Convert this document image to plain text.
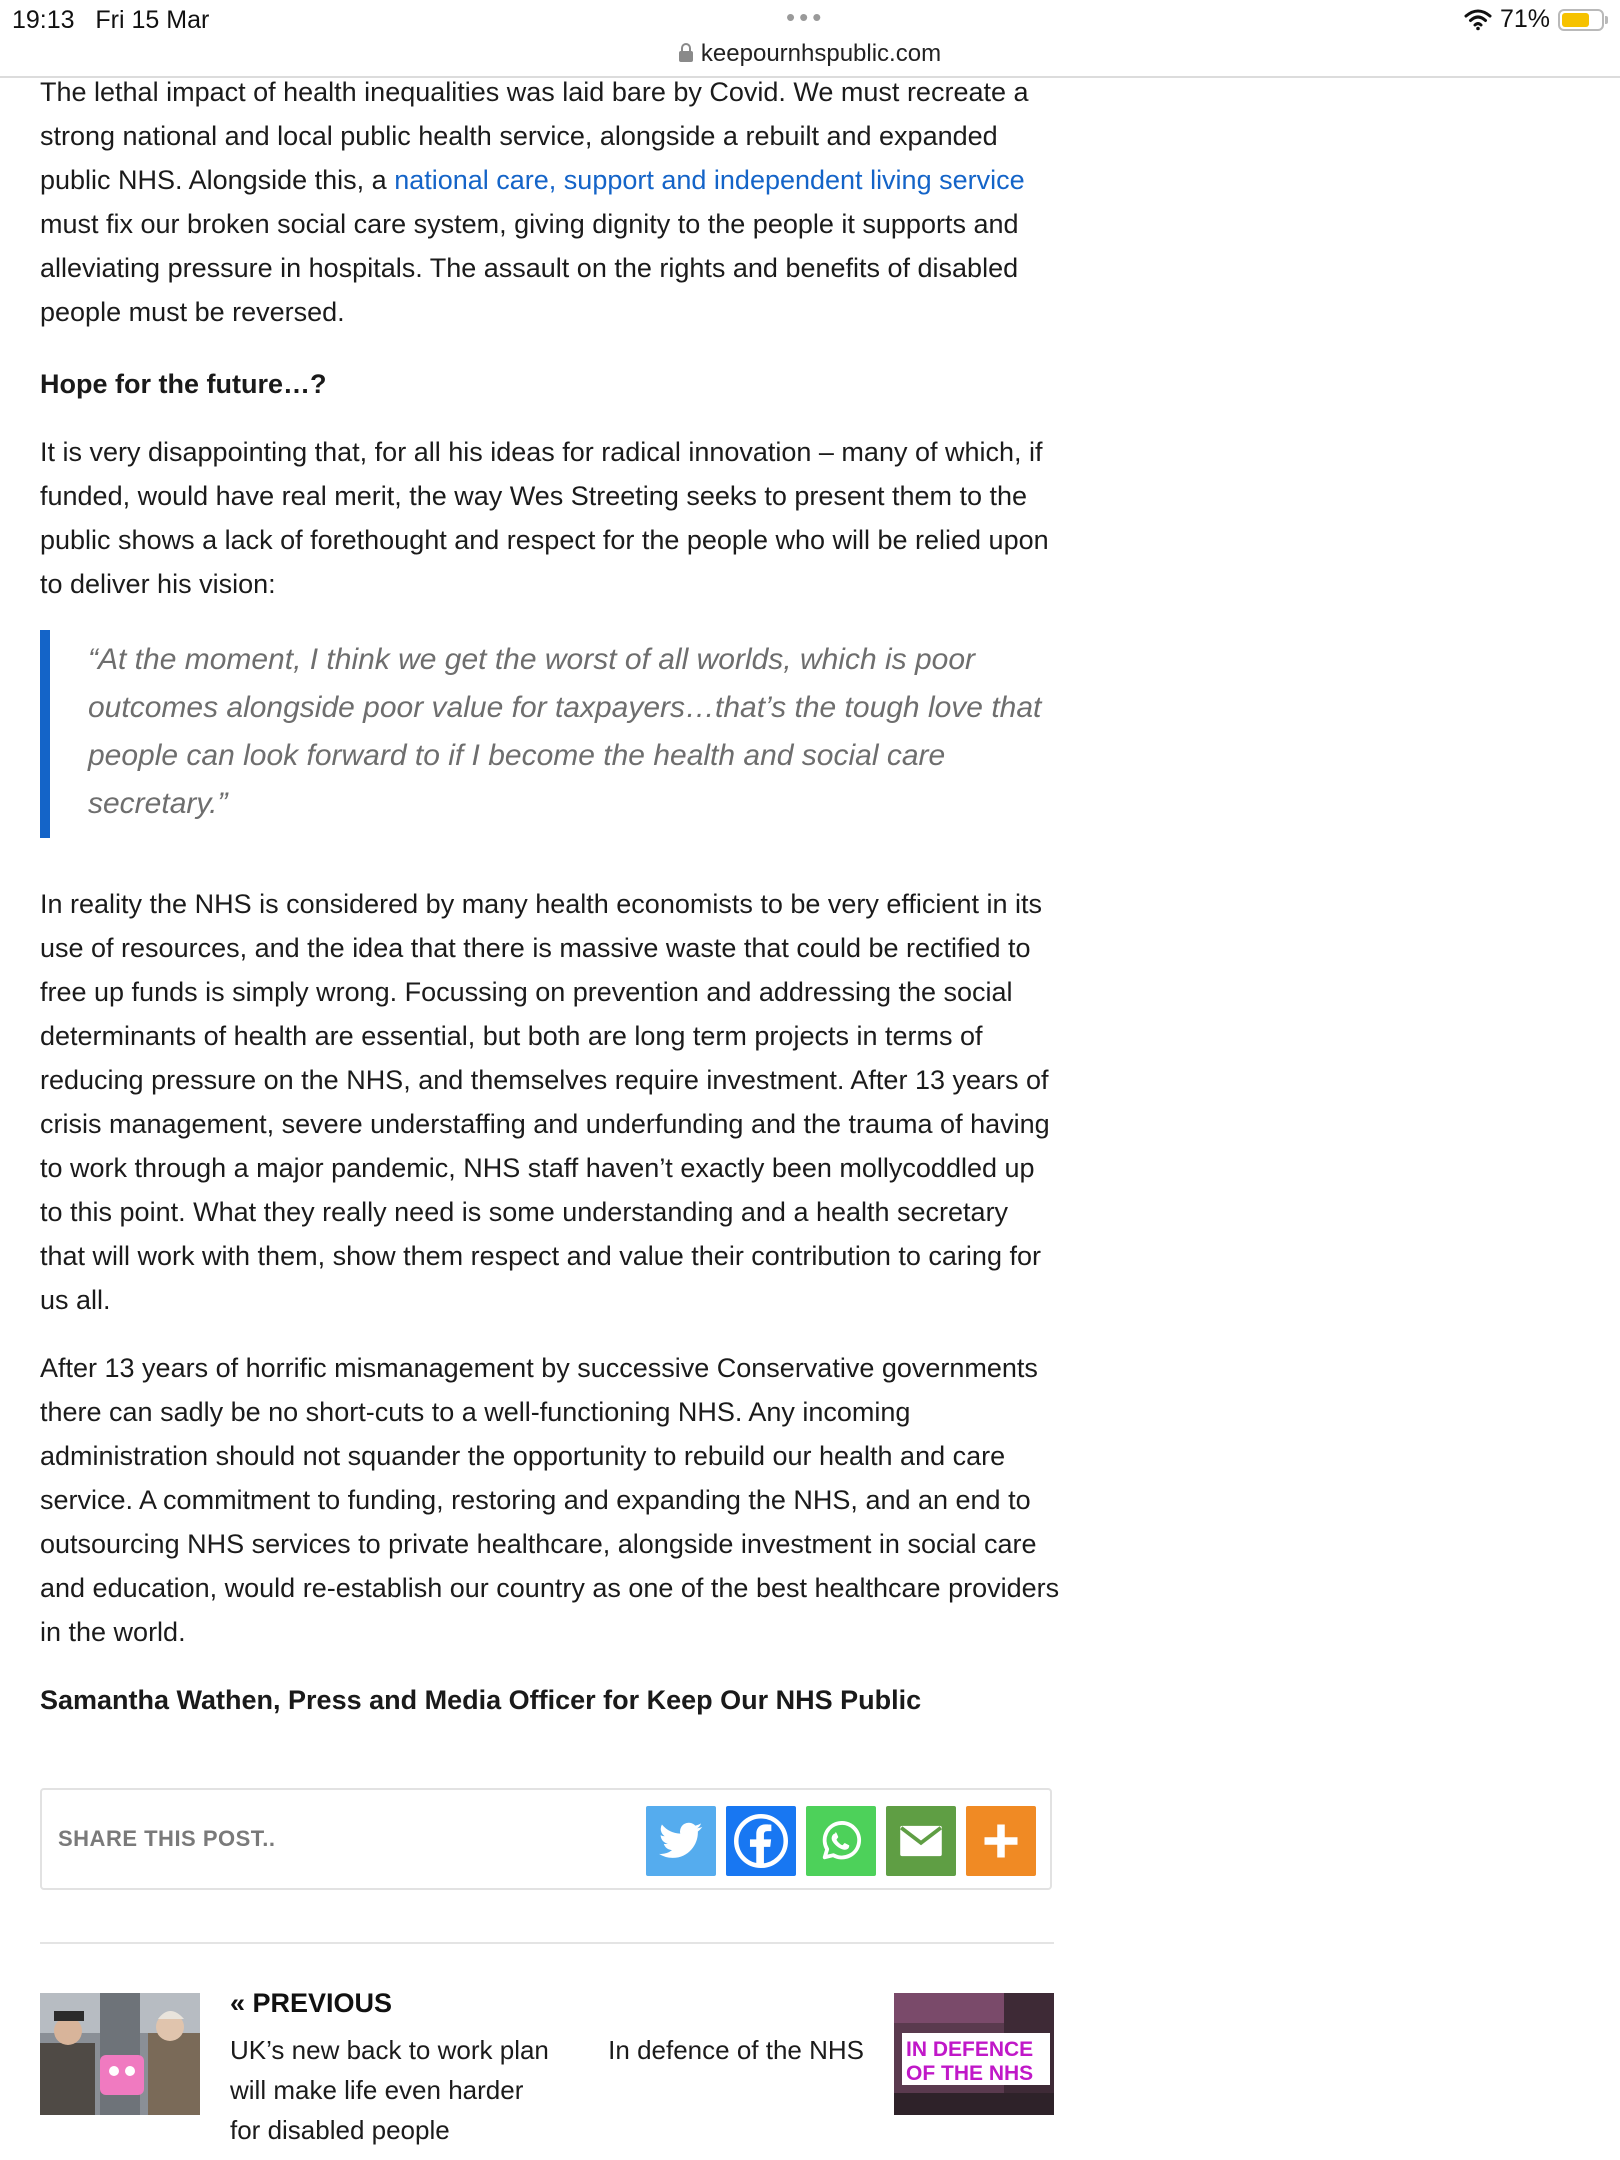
19:13 Fri 15 Mar	•••	71%
keepournhspublic.com

The lethal impact of health inequalities was laid bare by Covid. We must recreate a strong national and local public health service, alongside a rebuilt and expanded public NHS. Alongside this, a national care, support and independent living service must fix our broken social care system, giving dignity to the people it supports and alleviating pressure in hospitals. The assault on the rights and benefits of disabled people must be reversed.

Hope for the future…?

It is very disappointing that, for all his ideas for radical innovation – many of which, if funded, would have real merit, the way Wes Streeting seeks to present them to the public shows a lack of forethought and respect for the people who will be relied upon to deliver his vision:

“At the moment, I think we get the worst of all worlds, which is poor outcomes alongside poor value for taxpayers…that’s the tough love that people can look forward to if I become the health and social care secretary.”

In reality the NHS is considered by many health economists to be very efficient in its use of resources, and the idea that there is massive waste that could be rectified to free up funds is simply wrong. Focussing on prevention and addressing the social determinants of health are essential, but both are long term projects in terms of reducing pressure on the NHS, and themselves require investment. After 13 years of crisis management, severe understaffing and underfunding and the trauma of having to work through a major pandemic, NHS staff haven’t exactly been mollycoddled up to this point. What they really need is some understanding and a health secretary that will work with them, show them respect and value their contribution to caring for us all.

After 13 years of horrific mismanagement by successive Conservative governments there can sadly be no short-cuts to a well-functioning NHS. Any incoming administration should not squander the opportunity to rebuild our health and care service. A commitment to funding, restoring and expanding the NHS, and an end to outsourcing NHS services to private healthcare, alongside investment in social care and education, would re-establish our country as one of the best healthcare providers in the world.

Samantha Wathen, Press and Media Officer for Keep Our NHS Public

SHARE THIS POST..
« PREVIOUS
UK’s new back to work plan will make life even harder for disabled people
In defence of the NHS IN DEFENCE
OF THE NHS
